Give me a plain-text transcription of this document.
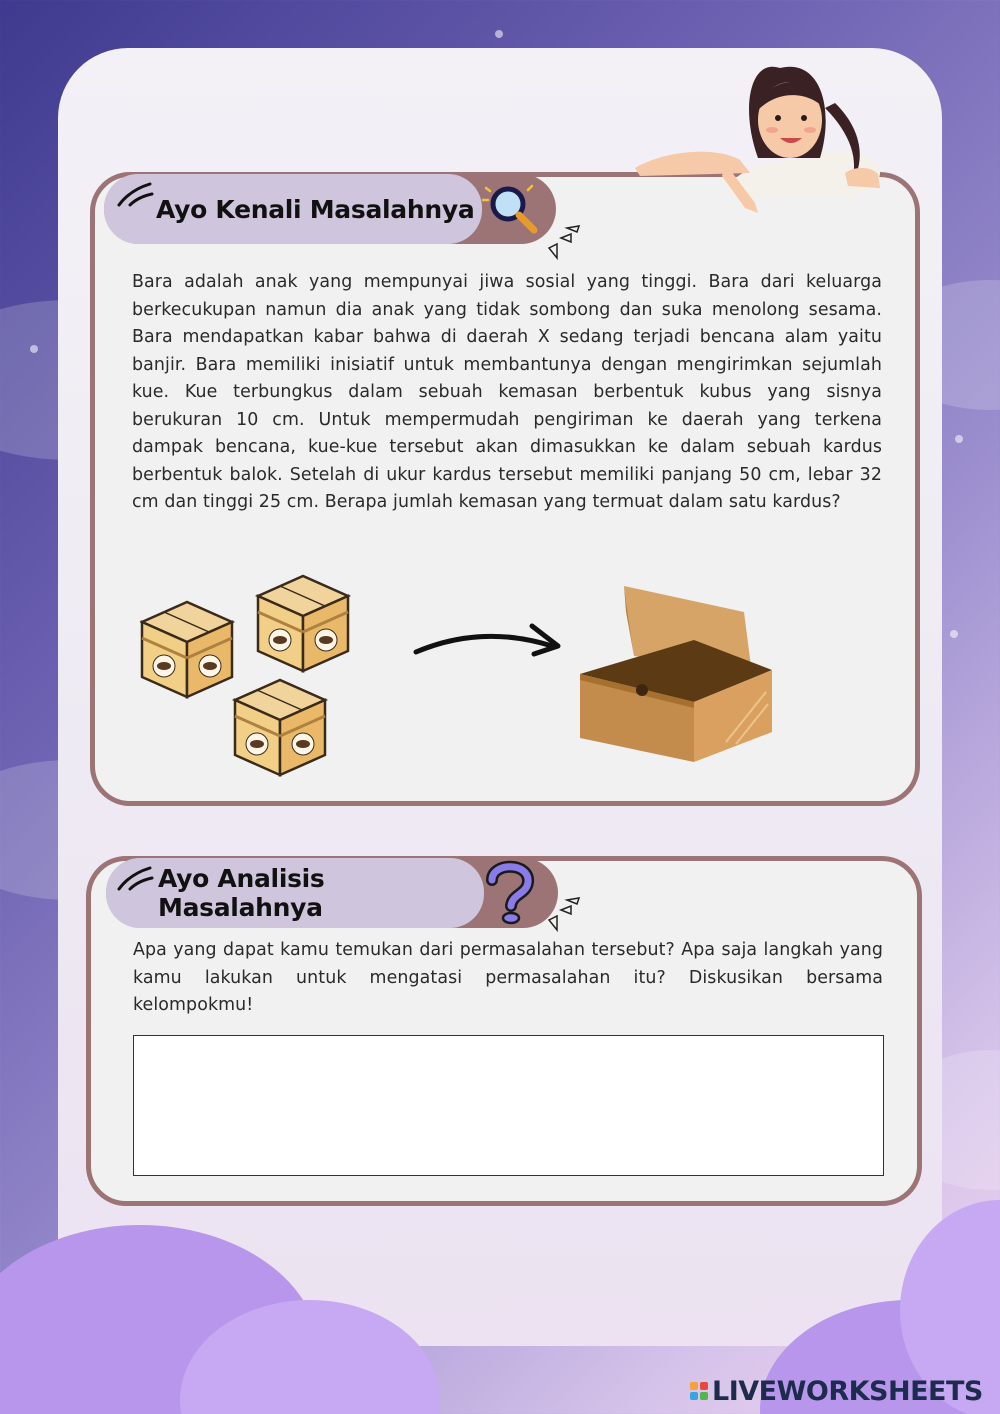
Ayo Kenali Masalahnya

Bara adalah anak yang mempunyai jiwa sosial yang tinggi. Bara dari keluarga berkecukupan namun dia anak yang tidak sombong dan suka menolong sesama. Bara mendapatkan kabar bahwa di daerah X sedang terjadi bencana alam yaitu banjir. Bara memiliki inisiatif untuk membantunya dengan mengirimkan sejumlah kue. Kue terbungkus dalam sebuah kemasan berbentuk kubus yang sisnya berukuran 10 cm. Untuk mempermudah pengiriman ke daerah yang terkena dampak bencana, kue-kue tersebut akan dimasukkan ke dalam sebuah kardus berbentuk balok. Setelah di ukur kardus tersebut memiliki panjang 50 cm, lebar 32 cm dan tinggi 25 cm. Berapa jumlah kemasan yang termuat dalam satu kardus?

Ayo Analisis Masalahnya

Apa yang dapat kamu temukan dari permasalahan tersebut? Apa saja langkah yang kamu lakukan untuk mengatasi permasalahan itu? Diskusikan bersama kelompokmu!

LIVEWORKSHEETS
